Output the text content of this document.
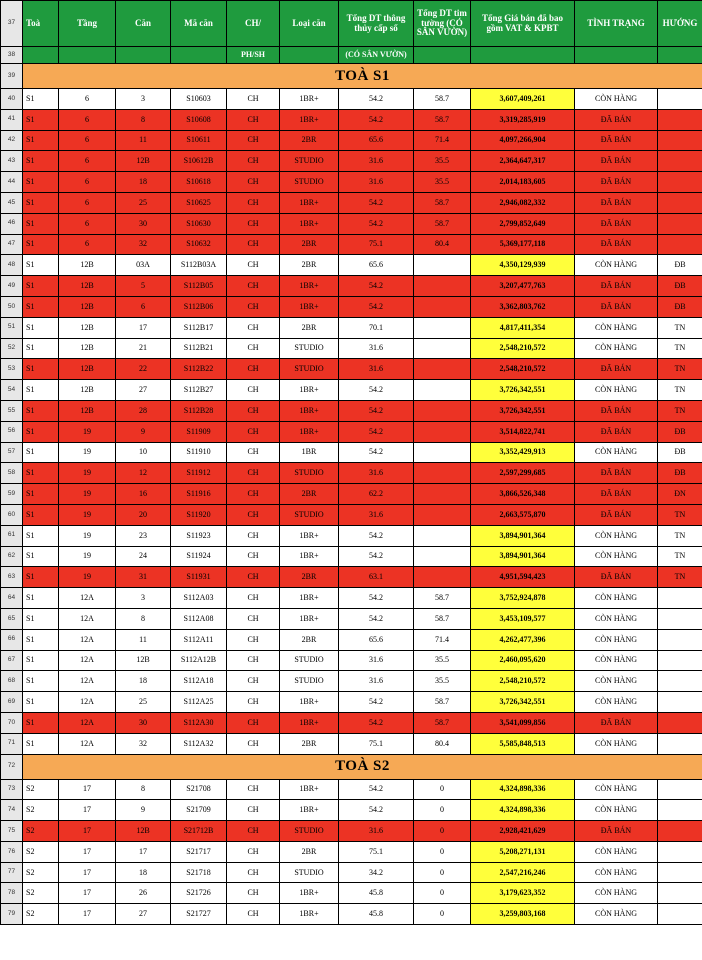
37	Toà	Tầng	Căn	Mã căn	CH/	Loại căn	Tổng DT thông thủy cấp sổ	Tổng DT tim tường (CÓ SÂN VƯỜN)	Tổng Giá bán đã bao gồm VAT & KPBT	TÌNH TRẠNG	HƯỚNG
38					PH/SH		(CÓ SÂN VƯỜN)				
39	TOÀ S1										
40	S1	6	3	S10603	CH	1BR+	54.2	58.7	3,607,409,261	CÒN HÀNG	
41	S1	6	8	S10608	CH	1BR+	54.2	58.7	3,319,285,919	ĐÃ BÁN	
42	S1	6	11	S10611	CH	2BR	65.6	71.4	4,097,266,904	ĐÃ BÁN	
43	S1	6	12B	S10612B	CH	STUDIO	31.6	35.5	2,364,647,317	ĐÃ BÁN	
44	S1	6	18	S10618	CH	STUDIO	31.6	35.5	2,014,183,605	ĐÃ BÁN	
45	S1	6	25	S10625	CH	1BR+	54.2	58.7	2,946,082,332	ĐÃ BÁN	
46	S1	6	30	S10630	CH	1BR+	54.2	58.7	2,799,852,649	ĐÃ BÁN	
47	S1	6	32	S10632	CH	2BR	75.1	80.4	5,369,177,118	ĐÃ BÁN	
48	S1	12B	03A	S112B03A	CH	2BR	65.6		4,350,129,939	CÒN HÀNG	ĐB
49	S1	12B	5	S112B05	CH	1BR+	54.2		3,207,477,763	ĐÃ BÁN	ĐB
50	S1	12B	6	S112B06	CH	1BR+	54.2		3,362,803,762	ĐÃ BÁN	ĐB
51	S1	12B	17	S112B17	CH	2BR	70.1		4,817,411,354	CÒN HÀNG	TN
52	S1	12B	21	S112B21	CH	STUDIO	31.6		2,548,210,572	CÒN HÀNG	TN
53	S1	12B	22	S112B22	CH	STUDIO	31.6		2,548,210,572	ĐÃ BÁN	TN
54	S1	12B	27	S112B27	CH	1BR+	54.2		3,726,342,551	CÒN HÀNG	TN
55	S1	12B	28	S112B28	CH	1BR+	54.2		3,726,342,551	ĐÃ BÁN	TN
56	S1	19	9	S11909	CH	1BR+	54.2		3,514,822,741	ĐÃ BÁN	ĐB
57	S1	19	10	S11910	CH	1BR	54.2		3,352,429,913	CÒN HÀNG	ĐB
58	S1	19	12	S11912	CH	STUDIO	31.6		2,597,299,685	ĐÃ BÁN	ĐB
59	S1	19	16	S11916	CH	2BR	62.2		3,866,526,348	ĐÃ BÁN	ĐN
60	S1	19	20	S11920	CH	STUDIO	31.6		2,663,575,870	ĐÃ BÁN	TN
61	S1	19	23	S11923	CH	1BR+	54.2		3,894,901,364	CÒN HÀNG	TN
62	S1	19	24	S11924	CH	1BR+	54.2		3,894,901,364	CÒN HÀNG	TN
63	S1	19	31	S11931	CH	2BR	63.1		4,951,594,423	ĐÃ BÁN	TN
64	S1	12A	3	S112A03	CH	1BR+	54.2	58.7	3,752,924,878	CÒN HÀNG	
65	S1	12A	8	S112A08	CH	1BR+	54.2	58.7	3,453,109,577	CÒN HÀNG	
66	S1	12A	11	S112A11	CH	2BR	65.6	71.4	4,262,477,396	CÒN HÀNG	
67	S1	12A	12B	S112A12B	CH	STUDIO	31.6	35.5	2,460,095,620	CÒN HÀNG	
68	S1	12A	18	S112A18	CH	STUDIO	31.6	35.5	2,548,210,572	CÒN HÀNG	
69	S1	12A	25	S112A25	CH	1BR+	54.2	58.7	3,726,342,551	CÒN HÀNG	
70	S1	12A	30	S112A30	CH	1BR+	54.2	58.7	3,541,099,856	ĐÃ BÁN	
71	S1	12A	32	S112A32	CH	2BR	75.1	80.4	5,585,848,513	CÒN HÀNG	
72	TOÀ S2										
73	S2	17	8	S21708	CH	1BR+	54.2	0	4,324,898,336	CÒN HÀNG	
74	S2	17	9	S21709	CH	1BR+	54.2	0	4,324,898,336	CÒN HÀNG	
75	S2	17	12B	S21712B	CH	STUDIO	31.6	0	2,928,421,629	ĐÃ BÁN	
76	S2	17	17	S21717	CH	2BR	75.1	0	5,208,271,131	CÒN HÀNG	
77	S2	17	18	S21718	CH	STUDIO	34.2	0	2,547,216,246	CÒN HÀNG	
78	S2	17	26	S21726	CH	1BR+	45.8	0	3,179,623,352	CÒN HÀNG	
79	S2	17	27	S21727	CH	1BR+	45.8	0	3,259,803,168	CÒN HÀNG	
